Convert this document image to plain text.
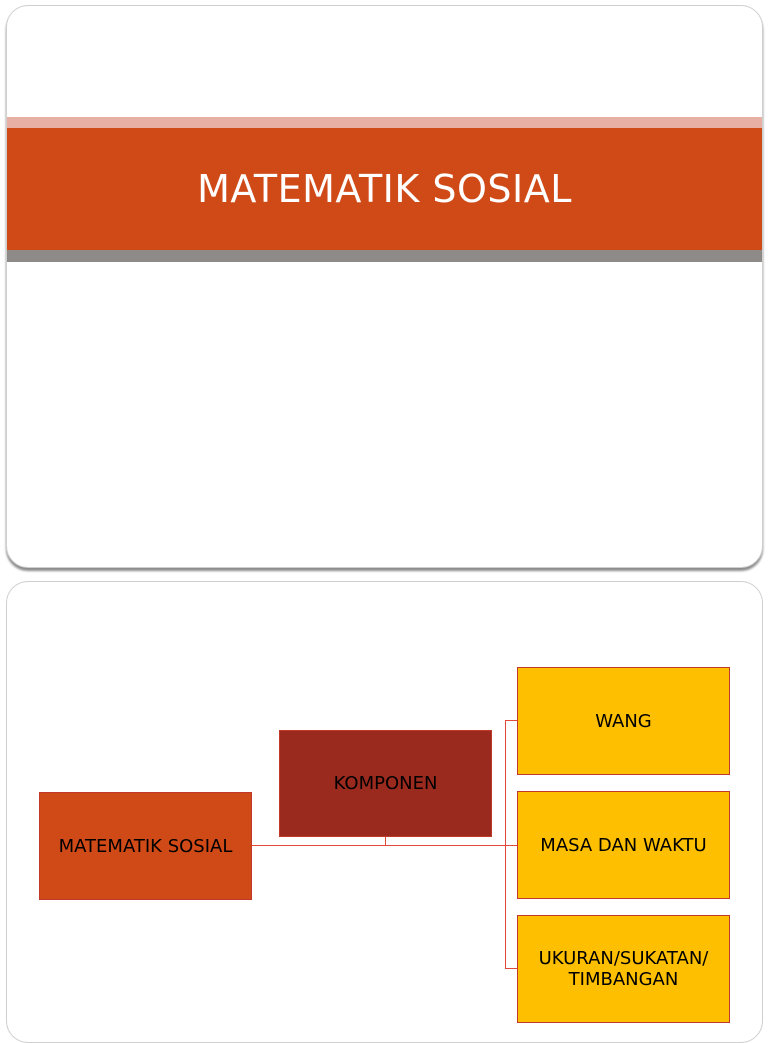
MATEMATIK SOSIAL
MATEMATIK SOSIAL
KOMPONEN
WANG
MASA DAN WAKTU
UKURAN/SUKATAN/
TIMBANGAN
